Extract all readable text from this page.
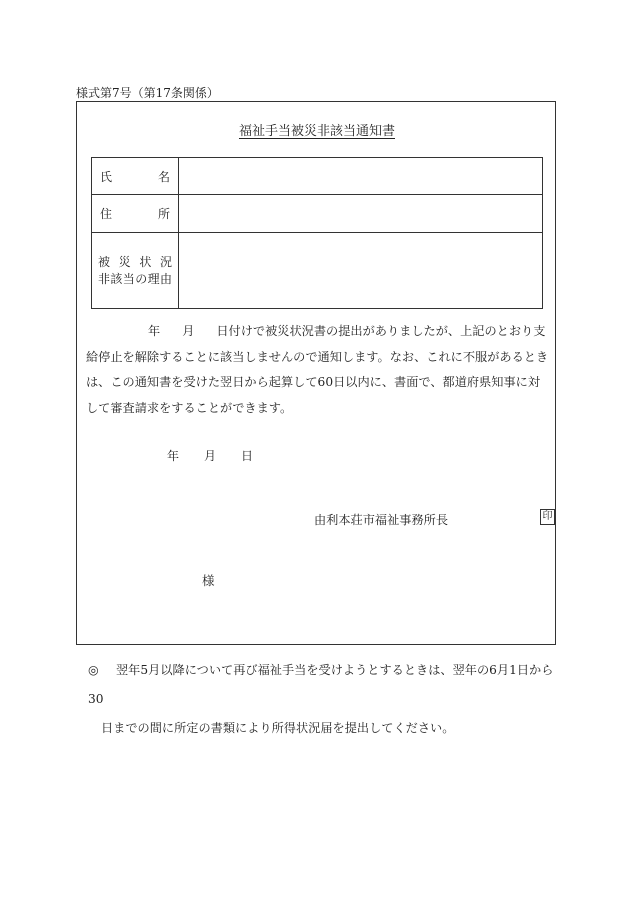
様式第7号（第17条関係）
福祉手当被災非該当通知書
氏 名	

住 所	

被災状況
非該当の理由	

年 月 日付けで被災状況書の提出がありましたが、上記のとおり支給停止を解除することに該当しませんので通知します。なお、これに不服があるときは、この通知書を受けた翌日から起算して60日以内に、書面で、都道府県知事に対して審査請求をすることができます。

年 月 日
由利本荘市福祉事務所長	印
様
◎ 翌年5月以降について再び福祉手当を受けようとするときは、翌年の6月1日から30
日までの間に所定の書類により所得状況届を提出してください。
